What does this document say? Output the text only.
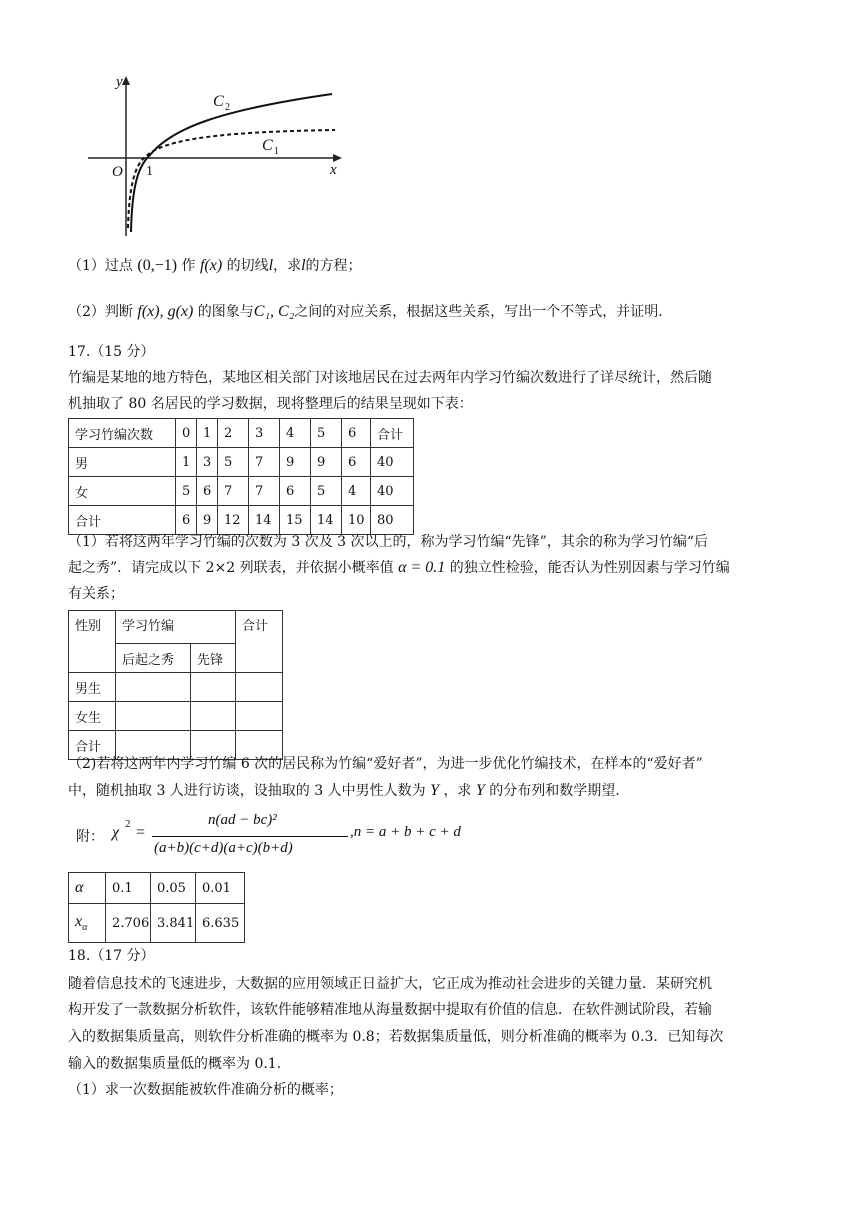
y
x
O 1
C 2
C 1
（1）过点 (0,−1) 作 f(x) 的切线l，求l的方程；
（2）判断 f(x), g(x) 的图象与C₁, C₂之间的对应关系，根据这些关系，写出一个不等式，并证明.
17.（15 分）
竹编是某地的地方特色，某地区相关部门对该地居民在过去两年内学习竹编次数进行了详尽统计，然后随
机抽取了 80 名居民的学习数据，现将整理后的结果呈现如下表：
学习竹编次数	0	1	2	3	4	5	6	合计
男	1	3	5	7	9	9	6	40
女	5	6	7	7	6	5	4	40
合计	6	9	12	14	15	14	10	80
（1）若将这两年学习竹编的次数为 3 次及 3 次以上的，称为学习竹编“先锋”，其余的称为学习竹编“后
起之秀”．请完成以下 2×2 列联表，并依据小概率值 α = 0.1 的独立性检验，能否认为性别因素与学习竹编
有关系；
性别	学习竹编		合计
	后起之秀	先锋	
男生			
女生			
合计			
（2)若将这两年内学习竹编 6 次的居民称为竹编“爱好者”，为进一步优化竹编技术，在样本的“爱好者”
中，随机抽取 3 人进行访谈，设抽取的 3 人中男性人数为 Y ，求 Y 的分布列和数学期望.
附： χ 2 =
n(ad − bc)²
(a+b)(c+d)(a+c)(b+d)
,n = a + b + c + d
α	0.1	0.05	0.01
$x_\alpha$	2.706	3.841	6.635
18.（17 分）
随着信息技术的飞速进步，大数据的应用领域正日益扩大，它正成为推动社会进步的关键力量．某研究机
构开发了一款数据分析软件，该软件能够精准地从海量数据中提取有价值的信息．在软件测试阶段，若输
入的数据集质量高，则软件分析准确的概率为 0.8；若数据集质量低，则分析准确的概率为 0.3．已知每次
输入的数据集质量低的概率为 0.1.
（1）求一次数据能被软件准确分析的概率；
